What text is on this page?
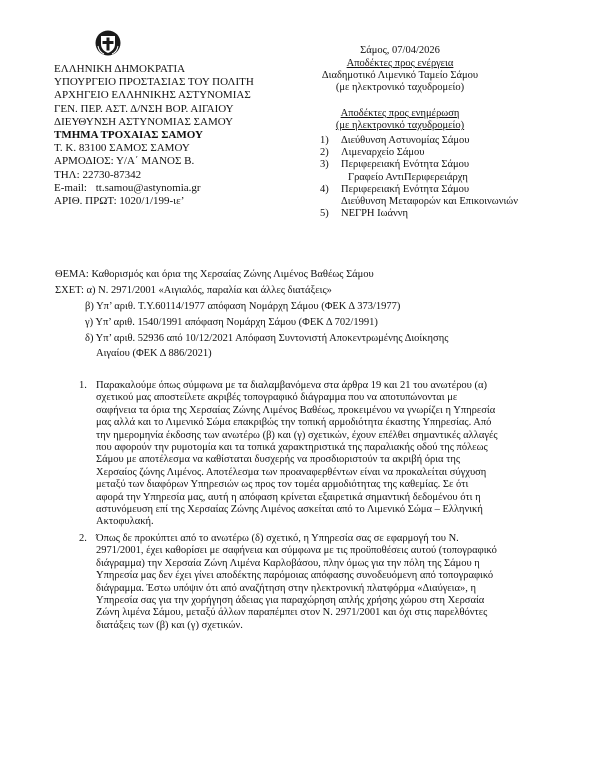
ΕΛΛΗΝΙΚΗ ΔΗΜΟΚΡΑΤΙΑ
ΥΠΟΥΡΓΕΙΟ ΠΡΟΣΤΑΣΙΑΣ ΤΟΥ ΠΟΛΙΤΗ
ΑΡΧΗΓΕΙΟ ΕΛΛΗΝΙΚΗΣ ΑΣΤΥΝΟΜΙΑΣ
ΓΕΝ. ΠΕΡ. ΑΣΤ. Δ/ΝΣΗ ΒΟΡ. ΑΙΓΑΙΟΥ
ΔΙΕΥΘΥΝΣΗ ΑΣΤΥΝΟΜΙΑΣ ΣΑΜΟΥ
ΤΜΗΜΑ ΤΡΟΧΑΙΑΣ ΣΑΜΟΥ
Τ. Κ. 83100 ΣΑΜΟΣ ΣΑΜΟΥ
ΑΡΜΟΔΙΟΣ: Υ/Α΄ ΜΑΝΟΣ Β.
ΤΗΛ: 22730-87342
E-mail: tt.samou@astynomia.gr
ΑΡΙΘ. ΠΡΩΤ: 1020/1/199-ιε’
Σάμος, 07/04/2026
Αποδέκτες προς ενέργεια
Διαδημοτικό Λιμενικό Ταμείο Σάμου
(με ηλεκτρονικό ταχυδρομείο)
Αποδέκτες προς ενημέρωση
(με ηλεκτρονικό ταχυδρομείο)
1) Διεύθυνση Αστυνομίας Σάμου
2) Λιμεναρχείο Σάμου
3) Περιφερειακή Ενότητα Σάμου
Γραφείο ΑντιΠεριφερειάρχη
4) Περιφερειακή Ενότητα Σάμου
Διεύθυνση Μεταφορών και Επικοινωνιών
5) ΝΕΓΡΗ Ιωάννη
ΘΕΜΑ: Καθορισμός και όρια της Χερσαίας Ζώνης Λιμένος Βαθέως Σάμου
ΣΧΕΤ: α) Ν. 2971/2001 «Αιγιαλός, παραλία και άλλες διατάξεις»
β) Υπ’ αριθ. Τ.Υ.60114/1977 απόφαση Νομάρχη Σάμου (ΦΕΚ Δ 373/1977)
γ) Υπ’ αριθ. 1540/1991 απόφαση Νομάρχη Σάμου (ΦΕΚ Δ 702/1991)
δ) Υπ’ αριθ. 52936 από 10/12/2021 Απόφαση Συντονιστή Αποκεντρωμένης Διοίκησης
Αιγαίου (ΦΕΚ Δ 886/2021)
1. Παρακαλούμε όπως σύμφωνα με τα διαλαμβανόμενα στα άρθρα 19 και 21 του ανωτέρου (α)
σχετικού μας αποστείλετε ακριβές τοπογραφικό διάγραμμα που να αποτυπώνονται με
σαφήνεια τα όρια της Χερσαίας Ζώνης Λιμένος Βαθέως, προκειμένου να γνωρίζει η Υπηρεσία
μας αλλά και το Λιμενικό Σώμα επακριβώς την τοπική αρμοδιότητα έκαστης Υπηρεσίας. Από
την ημερομηνία έκδοσης των ανωτέρω (β) και (γ) σχετικών, έχουν επέλθει σημαντικές αλλαγές
που αφορούν την ρυμοτομία και τα τοπικά χαρακτηριστικά της παραλιακής οδού της πόλεως
Σάμου με αποτέλεσμα να καθίσταται δυσχερής να προσδιοριστούν τα ακριβή όρια της
Χερσαίος ζώνης Λιμένος. Αποτέλεσμα των προαναφερθέντων είναι να προκαλείται σύγχυση
μεταξύ των διαφόρων Υπηρεσιών ως προς τον τομέα αρμοδιότητας της καθεμίας. Σε ότι
αφορά την Υπηρεσία μας, αυτή η απόφαση κρίνεται εξαιρετικά σημαντική δεδομένου ότι η
αστυνόμευση επί της Χερσαίας Ζώνης Λιμένος ασκείται από το Λιμενικό Σώμα – Ελληνική
Ακτοφυλακή.
2. Όπως δε προκύπτει από το ανωτέρω (δ) σχετικό, η Υπηρεσία σας σε εφαρμογή του Ν.
2971/2001, έχει καθορίσει με σαφήνεια και σύμφωνα με τις προϋποθέσεις αυτού (τοπογραφικό
διάγραμμα) την Χερσαία Ζώνη Λιμένα Καρλοβάσου, πλην όμως για την πόλη της Σάμου η
Υπηρεσία μας δεν έχει γίνει αποδέκτης παρόμοιας απόφασης συνοδευόμενη από τοπογραφικό
διάγραμμα. Έστω υπόψιν ότι από αναζήτηση στην ηλεκτρονική πλατφόρμα «Διαύγεια», η
Υπηρεσία σας για την χορήγηση άδειας για παραχώρηση απλής χρήσης χώρου στη Χερσαία
Ζώνη λιμένα Σάμου, μεταξύ άλλων παραπέμπει στον Ν. 2971/2001 και όχι στις παρελθόντες
διατάξεις των (β) και (γ) σχετικών.
